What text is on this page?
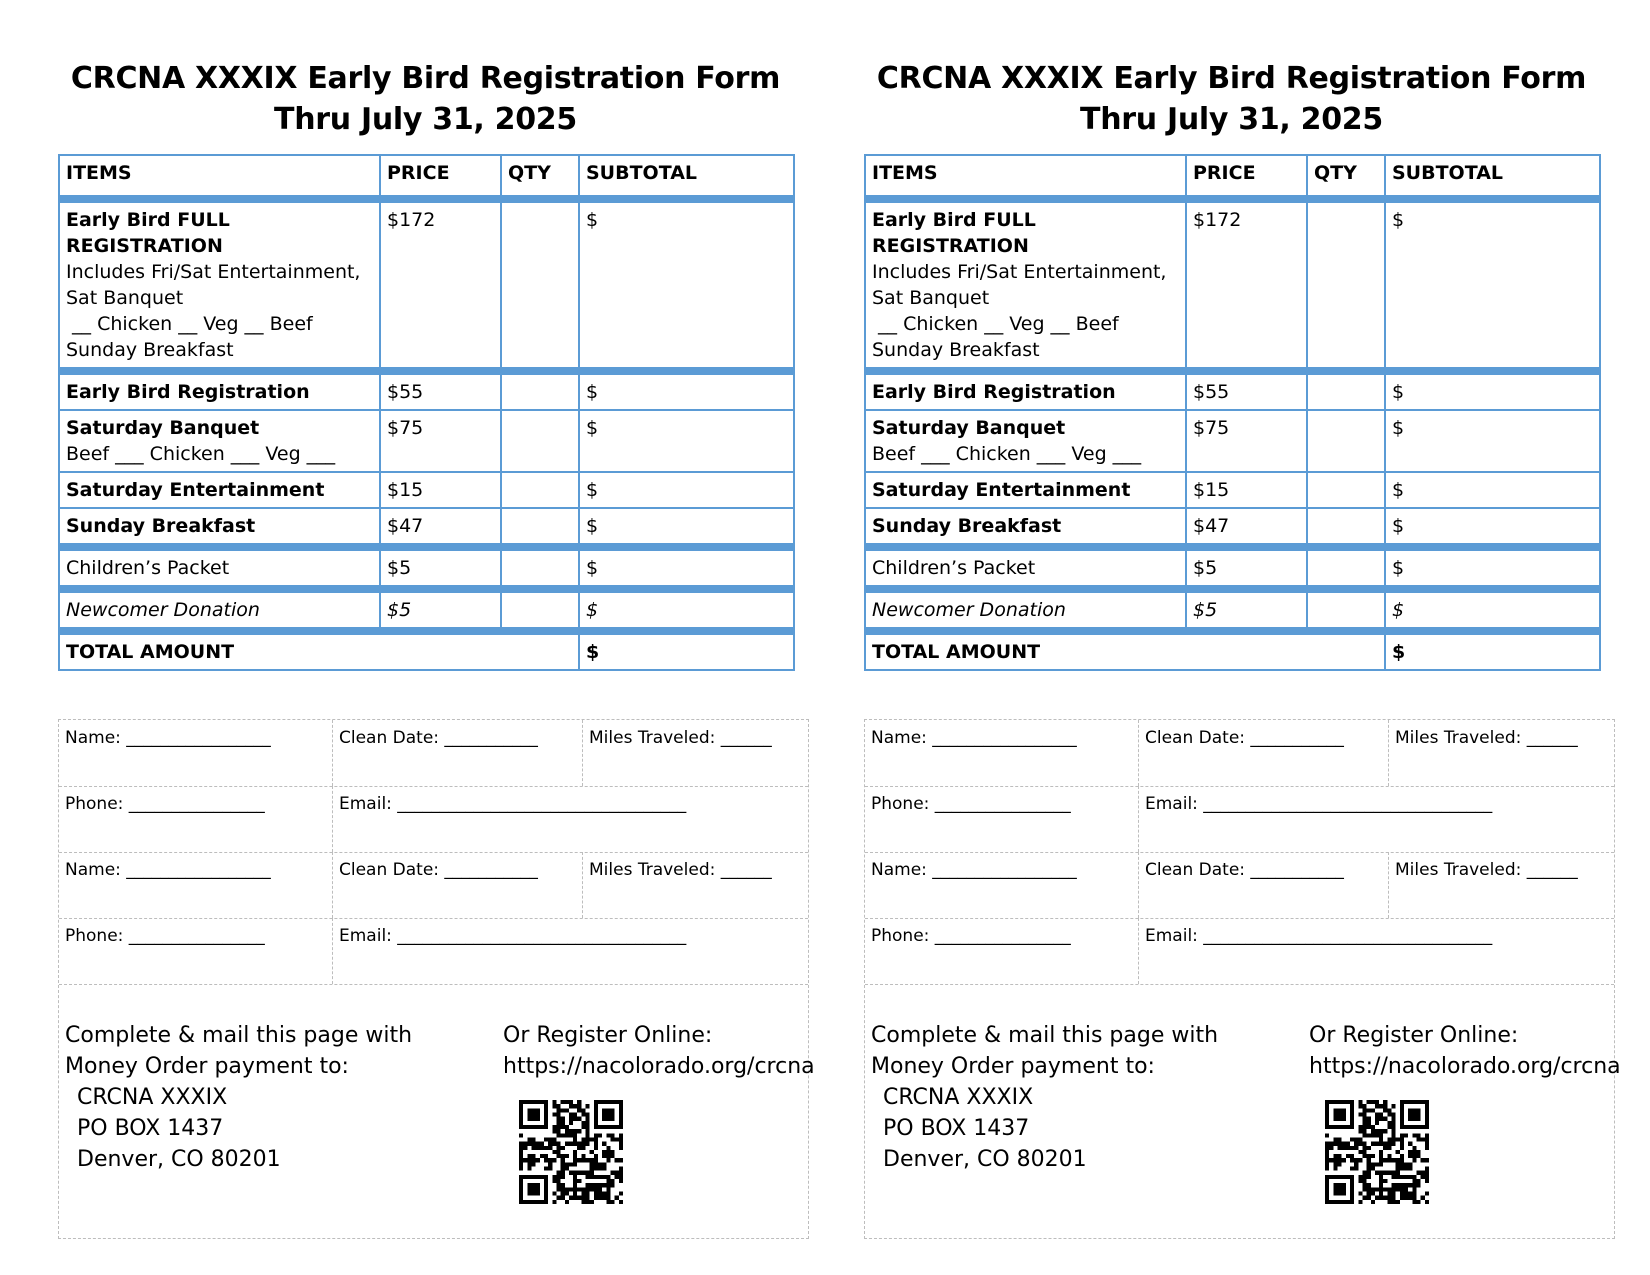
CRCNA XXXIX Early Bird Registration Form
Thru July 31, 2025
ITEMS	PRICE	QTY	SUBTOTAL

Early Bird FULL REGISTRATION
Includes Fri/Sat Entertainment,
Sat Banquet
__ Chicken __ Veg __ Beef
Sunday Breakfast	$172		$
Early Bird Registration	$55		$

Saturday Banquet
Beef ___ Chicken ___ Veg ___	$75		$
Saturday Entertainment	$15		$
Sunday Breakfast	$47		$
Children’s Packet	$5		$
Newcomer Donation	$5		$
TOTAL AMOUNT			$
Name: _________________	Clean Date: ___________	Miles Traveled: ______
Phone: ________________	Email: __________________________________
Name: _________________	Clean Date: ___________	Miles Traveled: ______
Phone: ________________	Email: __________________________________
Complete & mail this page with
Money Order payment to:
CRCNA XXXIX
PO BOX 1437
Denver, CO 80201
Or Register Online:
https://nacolorado.org/crcna
CRCNA XXXIX Early Bird Registration Form
Thru July 31, 2025
ITEMS	PRICE	QTY	SUBTOTAL

Early Bird FULL REGISTRATION
Includes Fri/Sat Entertainment,
Sat Banquet
__ Chicken __ Veg __ Beef
Sunday Breakfast	$172		$
Early Bird Registration	$55		$

Saturday Banquet
Beef ___ Chicken ___ Veg ___	$75		$
Saturday Entertainment	$15		$
Sunday Breakfast	$47		$
Children’s Packet	$5		$
Newcomer Donation	$5		$
TOTAL AMOUNT			$
Name: _________________	Clean Date: ___________	Miles Traveled: ______
Phone: ________________	Email: __________________________________
Name: _________________	Clean Date: ___________	Miles Traveled: ______
Phone: ________________	Email: __________________________________
Complete & mail this page with
Money Order payment to:
CRCNA XXXIX
PO BOX 1437
Denver, CO 80201
Or Register Online:
https://nacolorado.org/crcna
